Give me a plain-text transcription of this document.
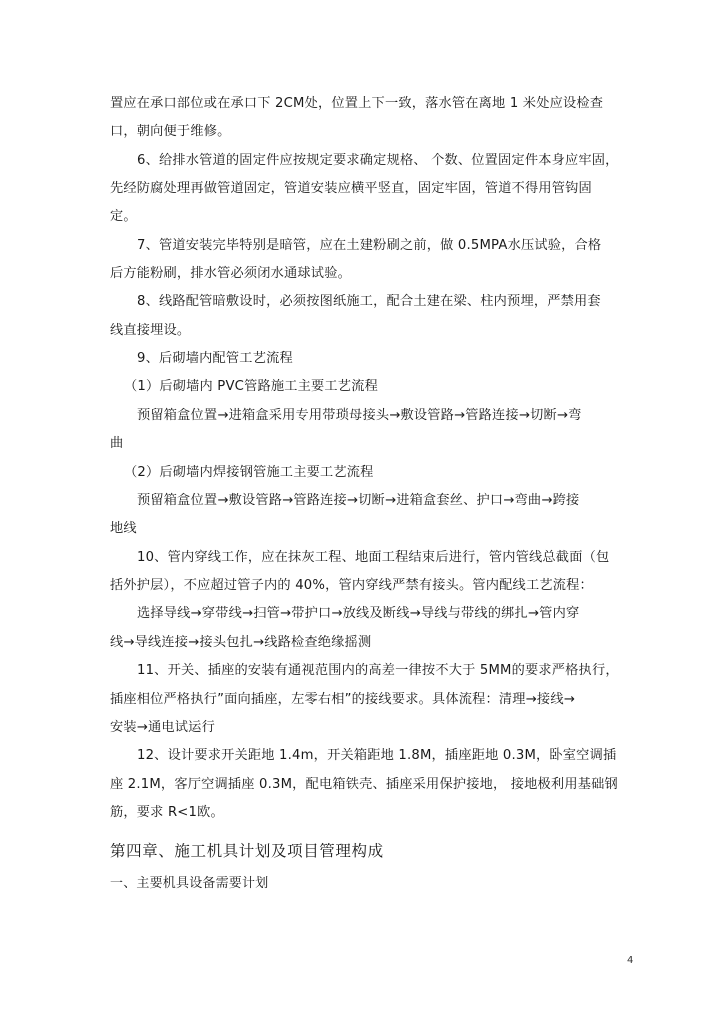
置应在承口部位或在承口下 2CM处，位置上下一致，落水管在离地 1 米处应设检查
口，朝向便于维修。
6、给排水管道的固定件应按规定要求确定规格、 个数、位置固定件本身应牢固，
先经防腐处理再做管道固定，管道安装应横平竖直，固定牢固，管道不得用管钩固
定。
7、管道安装完毕特别是暗管，应在土建粉刷之前，做 0.5MPA水压试验，合格
后方能粉刷，排水管必须闭水通球试验。
8、线路配管暗敷设时，必须按图纸施工，配合土建在梁、柱内预埋，严禁用套
线直接埋设。
9、后砌墙内配管工艺流程
（1）后砌墙内 PVC管路施工主要工艺流程
预留箱盒位置→进箱盒采用专用带琐母接头→敷设管路→管路连接→切断→弯
曲
（2）后砌墙内焊接钢管施工主要工艺流程
预留箱盒位置→敷设管路→管路连接→切断→进箱盒套丝、护口→弯曲→跨接
地线
10、管内穿线工作，应在抹灰工程、地面工程结束后进行，管内管线总截面（包
括外护层），不应超过管子内的 40%，管内穿线严禁有接头。管内配线工艺流程：
选择导线→穿带线→扫管→带护口→放线及断线→导线与带线的绑扎→管内穿
线→导线连接→接头包扎→线路检查绝缘摇测
11、开关、插座的安装有通视范围内的高差一律按不大于 5MM的要求严格执行，
插座相位严格执行”面向插座，左零右相”的接线要求。具体流程：清理→接线→
安装→通电试运行
12、设计要求开关距地 1.4m，开关箱距地 1.8M，插座距地 0.3M，卧室空调插
座 2.1M，客厅空调插座 0.3M，配电箱铁壳、插座采用保护接地， 接地极利用基础钢
筋，要求 R<1欧。
第四章、施工机具计划及项目管理构成
一、主要机具设备需要计划
4
